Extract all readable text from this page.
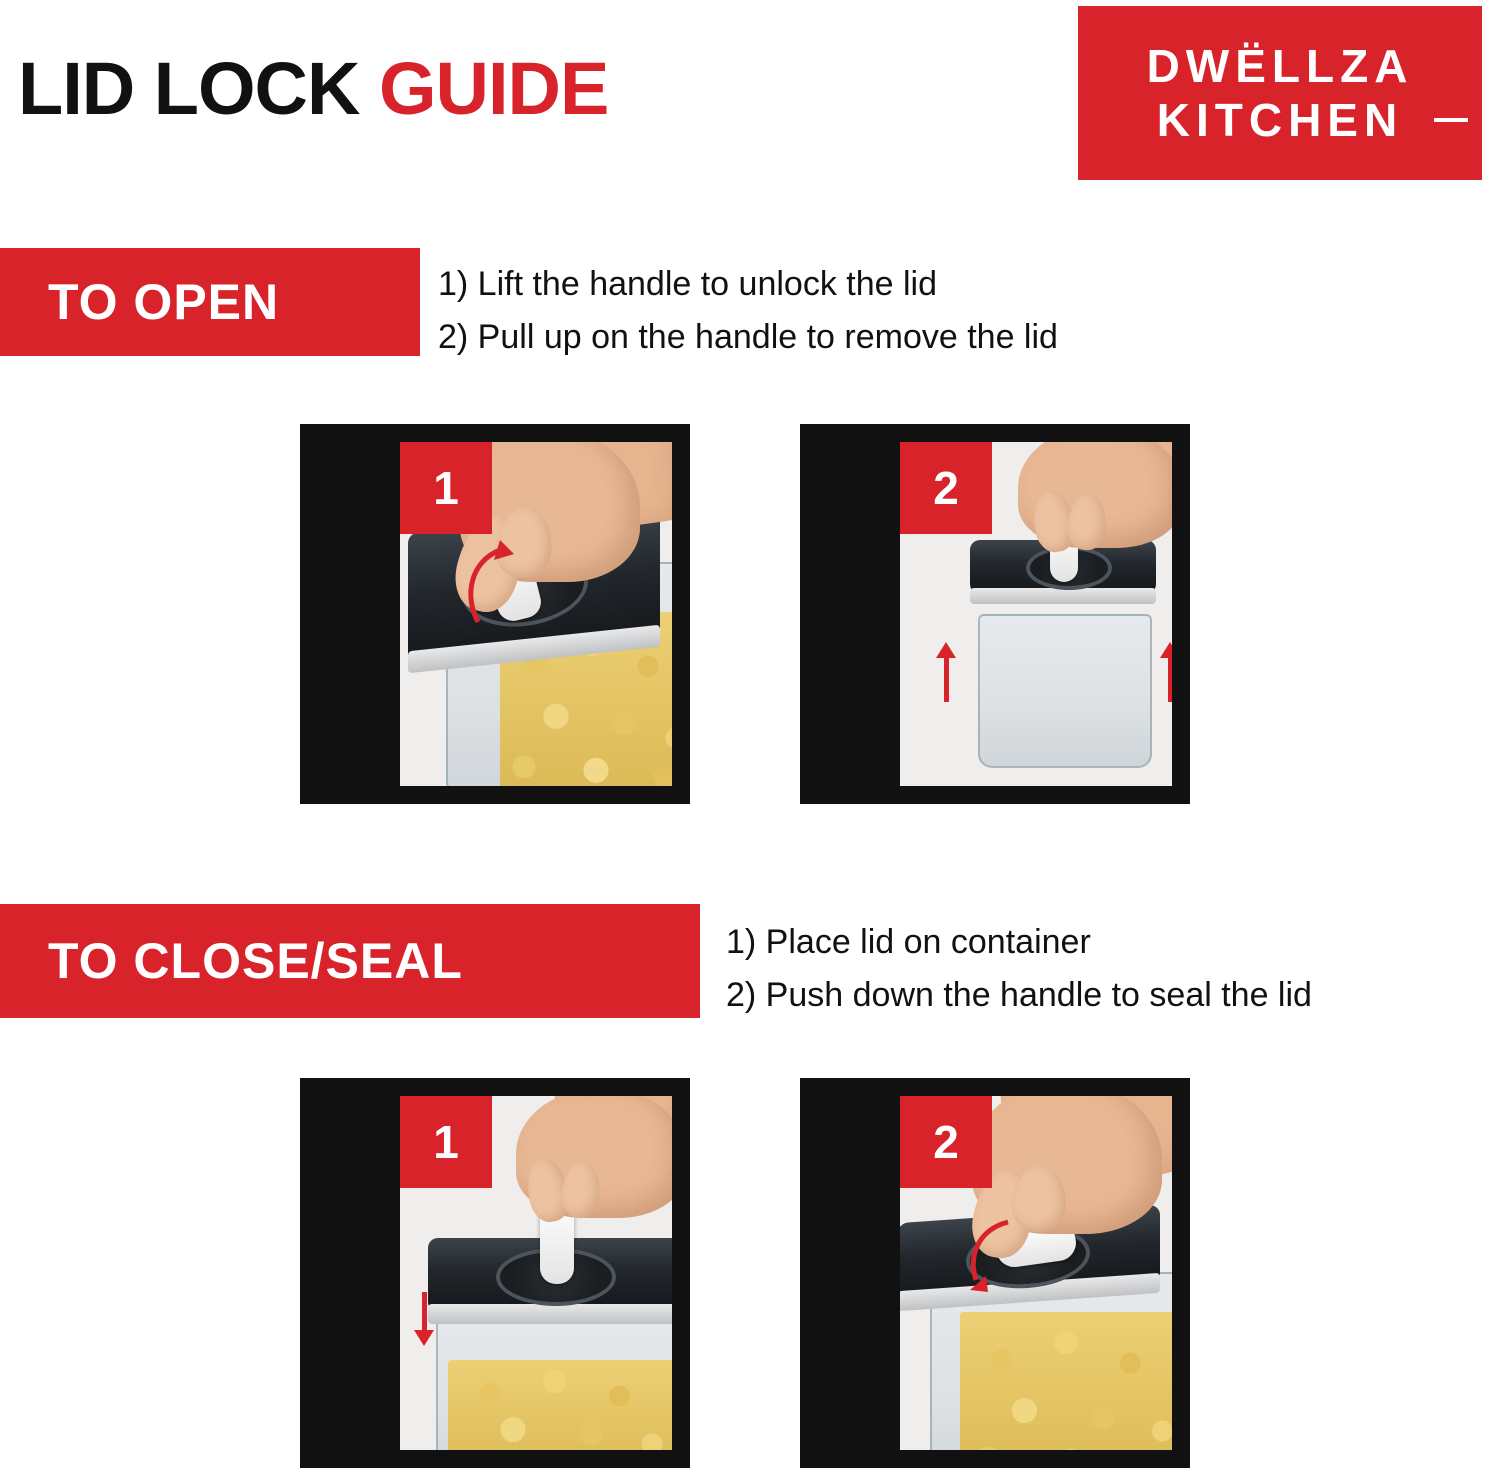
LID LOCK GUIDE	DWËLLZA
KITCHEN
TO OPEN	1) Lift the handle to unlock the lid
2) Pull up on the handle to remove the lid
1	2
TO CLOSE/SEAL	1) Place lid on container
2) Push down the handle to seal the lid
1	2
